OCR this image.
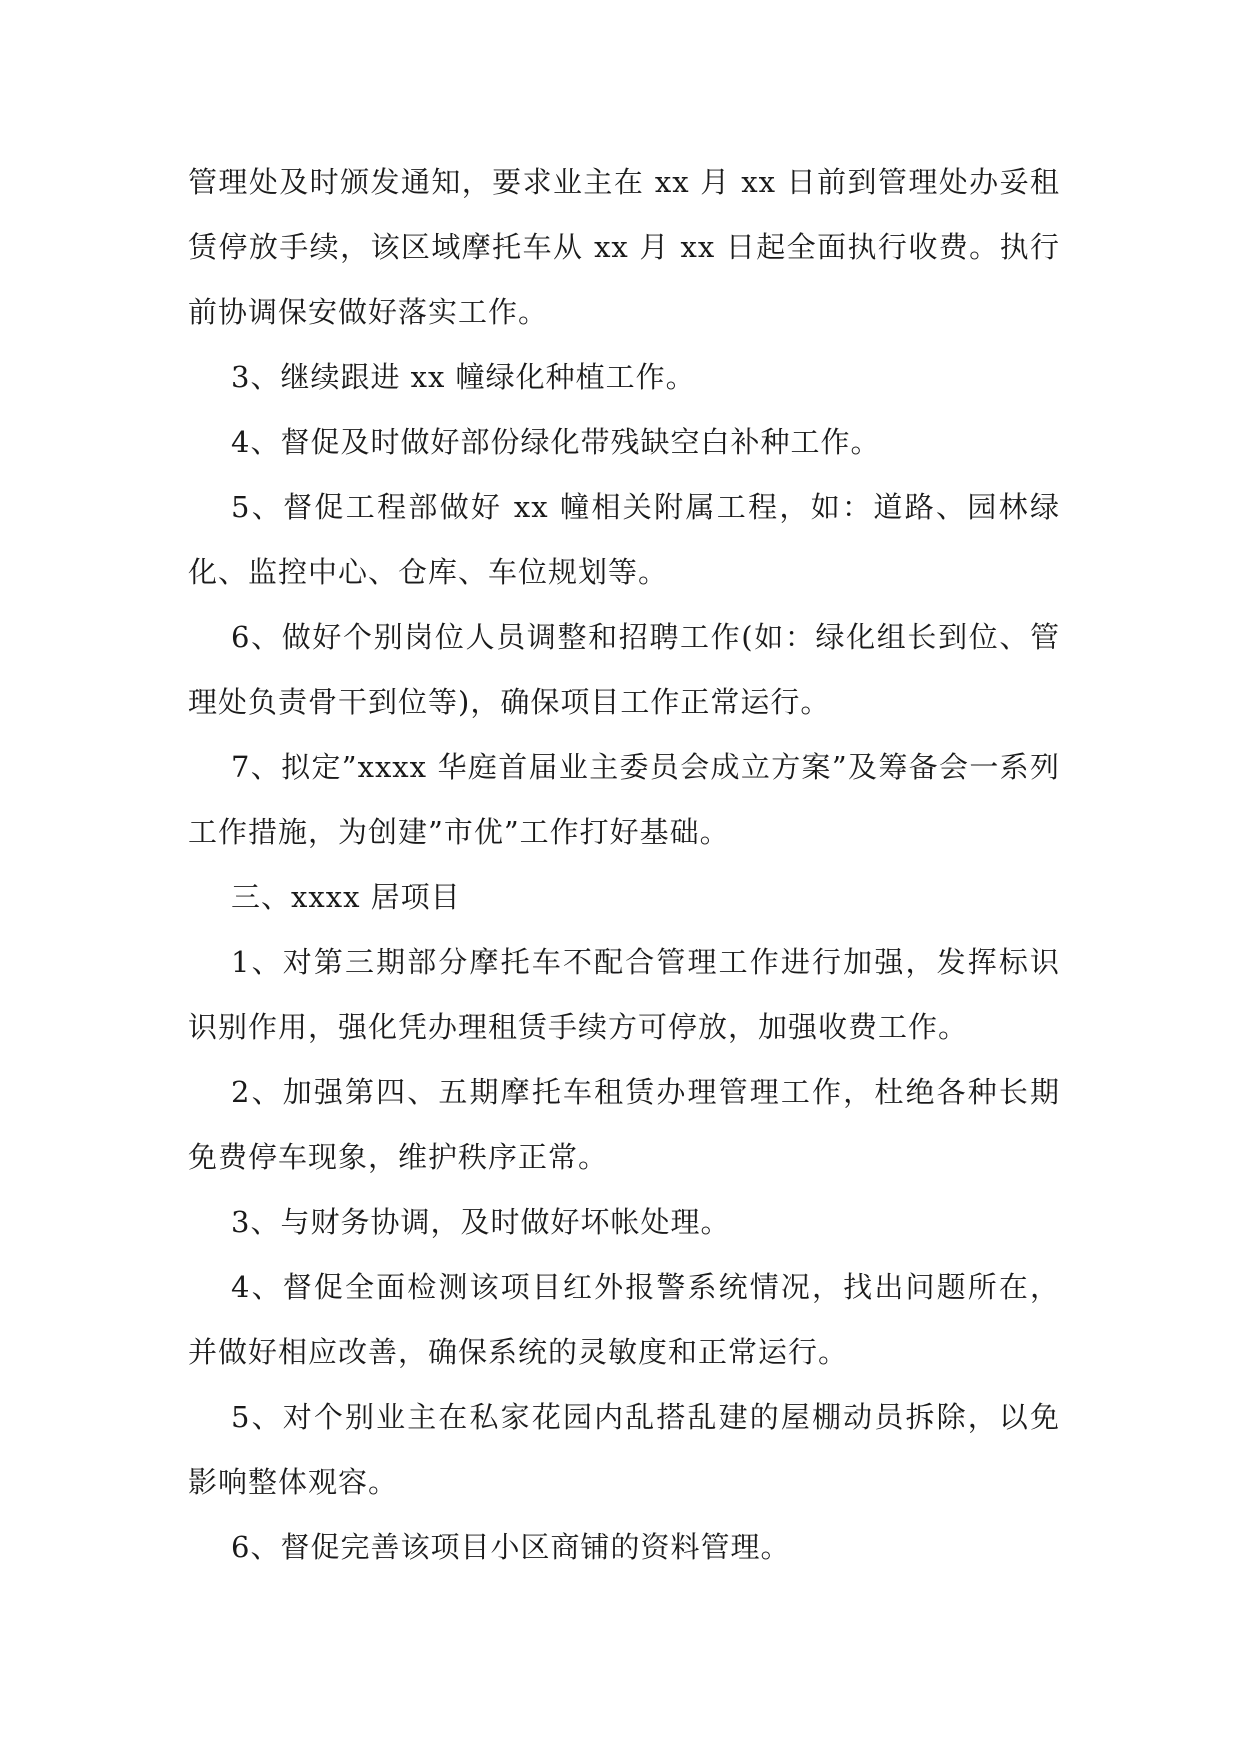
管理处及时颁发通知，要求业主在 xx 月 xx 日前到管理处办妥租赁停放手续，该区域摩托车从 xx 月 xx 日起全面执行收费。执行前协调保安做好落实工作。

3、继续跟进 xx 幢绿化种植工作。

4、督促及时做好部份绿化带残缺空白补种工作。

5、督促工程部做好 xx 幢相关附属工程，如：道路、园林绿化、监控中心、仓库、车位规划等。

6、做好个别岗位人员调整和招聘工作(如：绿化组长到位、管理处负责骨干到位等)，确保项目工作正常运行。

7、拟定”xxxx 华庭首届业主委员会成立方案”及筹备会一系列工作措施，为创建”市优”工作打好基础。

三、xxxx 居项目

1、对第三期部分摩托车不配合管理工作进行加强，发挥标识识别作用，强化凭办理租赁手续方可停放，加强收费工作。

2、加强第四、五期摩托车租赁办理管理工作，杜绝各种长期免费停车现象，维护秩序正常。

3、与财务协调，及时做好坏帐处理。

4、督促全面检测该项目红外报警系统情况，找出问题所在，并做好相应改善，确保系统的灵敏度和正常运行。

5、对个别业主在私家花园内乱搭乱建的屋棚动员拆除，以免影响整体观容。

6、督促完善该项目小区商铺的资料管理。
